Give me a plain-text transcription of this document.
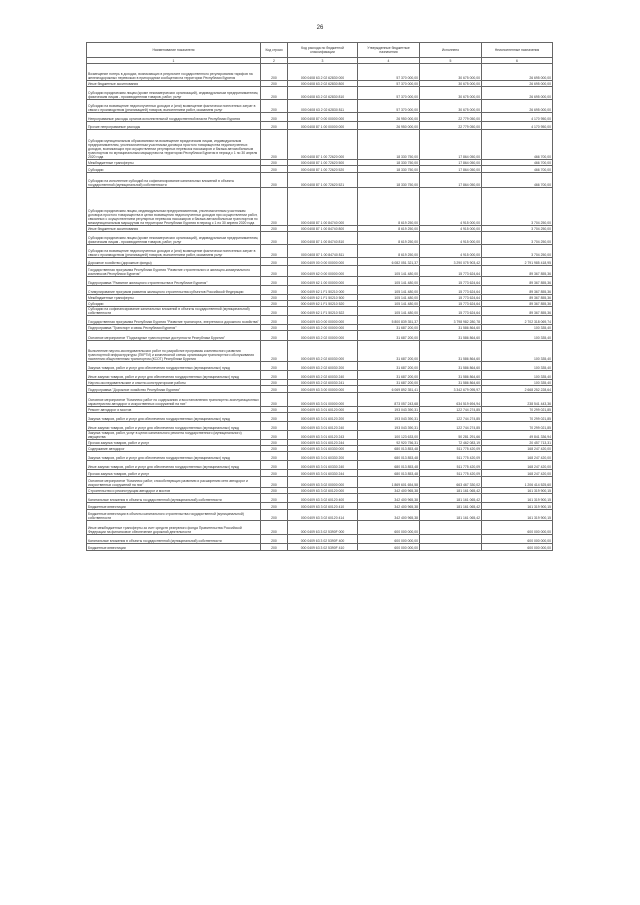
26
Наименование показателя	Код строки	Код расхода по бюджетной классификации	Утвержденные бюджетные назначения	Исполнено	Неисполненные назначения
1	2	3	4	5	6
Возмещение потерь в доходах, возникающих в результате государственного регулирования тарифов на железнодорожных перевозках в пригородном сообщении на территории Республики Бурятия	200	000 0408 63 2 02 62830 000	57 370 000,00	30 675 000,00	26 695 000,00
Иные бюджетные ассигнования	200	000 0408 63 2 02 62830 800	57 370 000,00	30 675 000,00	26 695 000,00
Субсидии юридическим лицам (кроме некоммерческих организаций), индивидуальным предпринимателям, физическим лицам - производителям товаров, работ, услуг	200	000 0408 63 2 02 62830 810	57 370 000,00	30 675 000,00	26 695 000,00
Субсидии на возмещение недополученных доходов и (или) возмещение фактически понесенных затрат в связи с производством (реализацией) товаров, выполнением работ, оказанием услуг	200	000 0408 63 2 02 62830 811	57 370 000,00	30 675 000,00	26 695 000,00
Непрограммные расходы органов исполнительной государственной власти Республики Бурятия	200	000 0408 87 0 00 00000 000	26 950 000,00	22 779 050,00	4 170 950,00
Прочие непрограммные расходы	200	000 0408 87 1 00 00000 000	26 950 000,00	22 779 050,00	4 170 950,00
Субсидии муниципальным образованиям на возмещение юридическим лицам, индивидуальным предпринимателям, уполномоченным участникам договора простого товарищества недополученных доходов, возникающих при осуществлении регулярных перевозок пассажиров и багажа автомобильным транспортом по муниципальным маршрутам на территории Республики Бурятия в период с 1 по 30 апреля 2020 года	200	000 0408 87 1 00 72620 000	18 330 750,00	17 864 050,00	466 700,00
Межбюджетные трансферты	200	000 0408 87 1 00 72620 500	18 330 750,00	17 864 050,00	466 700,00
Субсидии	200	000 0408 87 1 00 72620 520	18 330 750,00	17 864 050,00	466 700,00
Субсидии на исполнение субсидий на софинансирование капитальных вложений в объекты государственной (муниципальной) собственности	200	000 0408 87 1 00 72620 521	18 330 750,00	17 864 050,00	466 700,00
Субсидии юридическим лицам, индивидуальным предпринимателям, уполномоченным участникам договора простого товарищества в целях возмещения недополученных доходов при осуществлении работ, связанных с осуществлением регулярных перевозок пассажиров и багажа автомобильным транспортом по межмуниципальным маршрутам на территории Республики Бурятия в период с 1 по 30 апреля 2020 года	200	000 0408 87 1 00 84740 000	8 619 250,00	4 915 000,00	3 704 250,00
Иные бюджетные ассигнования	200	000 0408 87 1 00 84740 800	8 619 250,00	4 915 000,00	3 704 250,00
Субсидии юридическим лицам (кроме некоммерческих организаций), индивидуальным предпринимателям, физическим лицам - производителям товаров, работ, услуг	200	000 0408 87 1 00 84740 810	8 619 250,00	4 915 000,00	3 704 250,00
Субсидии на возмещение недополученных доходов и (или) возмещение фактически понесенных затрат в связи с производством (реализацией) товаров, выполнением работ, оказанием услуг	200	000 0408 87 1 00 84740 811	8 619 250,00	4 915 000,00	3 704 250,00
Дорожное хозяйство (дорожные фонды)	200	000 0409 00 0 00 00000 000	6 082 051 321,37	3 290 075 903,42	2 791 985 418,95
Государственная программа Республики Бурятия "Развитие строительного и жилищно-коммунального комплексов Республики Бурятия"	200	000 0409 62 0 00 00000 000	105 141 480,00	15 773 624,64	89 367 855,36
Подпрограмма "Развитие жилищного строительства в Республике Бурятия"	200	000 0409 62 1 00 00000 000	105 141 480,00	15 773 624,64	89 367 855,36
Стимулирование программ развития жилищного строительства субъектов Российской Федерации	200	000 0409 62 1 F1 50210 000	105 141 480,00	15 773 624,64	89 367 855,36
Межбюджетные трансферты	200	000 0409 62 1 F1 50210 500	105 141 480,00	15 773 624,64	89 367 855,36
Субсидии	200	000 0409 62 1 F1 50210 520	105 141 480,00	15 773 624,64	89 367 855,36
Субсидии на софинансирование капитальных вложений в объекты государственной (муниципальной) собственности	200	000 0409 62 1 F1 50210 522	105 141 480,00	15 773 624,64	89 367 855,36
Государственная программа Республики Бурятия "Развитие транспорта, энергетики и дорожного хозяйства"	200	000 0409 63 0 00 00000 000	5 800 839 351,37	3 798 982 280,78	2 702 318 069,74
Подпрограмма "Транспорт и связь Республики Бурятия"	200	000 0409 63 2 00 00000 000	31 687 200,00	31 586 864,60	100 335,40
Основное мероприятие "Подъездные транспортные доступности Республики Бурятия"	200	000 0409 63 2 02 00000 000	31 687 200,00	31 586 864,60	100 335,40
Выполнение научно-исследовательских работ по разработке программы комплексного развития транспортной инфраструктуры (ПКРТИ) и комплексной схемы организации транспортного обслуживания населения общественным транспортом (КСОТ) Республики Бурятия	200	000 0409 63 2 02 60030 000	31 687 200,00	31 586 864,60	100 335,40
Закупка товаров, работ и услуг для обеспечения государственных (муниципальных) нужд	200	000 0409 63 2 02 60030 200	31 687 200,00	31 586 864,60	100 335,40
Иные закупки товаров, работ и услуг для обеспечения государственных (муниципальных) нужд	200	000 0409 63 2 02 60030 240	31 687 200,00	31 586 864,60	100 335,40
Научно-исследовательские и опытно-конструкторские работы	200	000 0409 63 2 02 60030 241	31 687 200,00	31 586 864,60	100 335,40
Подпрограмма "Дорожное хозяйство Республики Бурятия"	200	000 0409 63 3 00 00000 000	6 069 892 351,41	3 342 679 095,97	2 668 252 228,64
Основное мероприятие "Комплекс работ по содержанию и восстановлению транспортно-эксплуатационных характеристик автодорог и искусственных сооружений на них"	200	000 0409 63 3 01 00000 000	873 057 243,68	634 519 694,94	238 541 443,36
Ремонт автодорог и мостов	200	000 0409 63 3 01 60120 000	193 043 390,31	122 744 274,85	70 299 021,85
Закупка товаров, работ и услуг для обеспечения государственных (муниципальных) нужд	200	000 0409 63 3 01 60120 200	193 043 390,31	122 744 274,85	70 299 021,85
Иные закупки товаров, работ и услуг для обеспечения государственных (муниципальных) нужд	200	000 0409 63 3 01 60120 240	193 043 390,31	122 744 274,85	70 299 021,85
Закупка товаров, работ, услуг в целях капитального ремонта государственного (муниципального) имущества	200	000 0409 63 3 01 60120 243	100 123 633,00	50 281 291,66	49 841 336,94
Прочая закупка товаров, работ и услуг	200	000 0409 63 3 01 60120 244	92 920 756,31	72 462 083,19	20 457 713,31
Содержание автодорог	200	000 0409 63 3 01 60330 000	680 013 853,48	511 775 420,09	168 247 420,00
Закупка товаров, работ и услуг для обеспечения государственных (муниципальных) нужд	200	000 0409 63 3 01 60330 200	680 013 853,48	511 775 420,09	168 247 420,00
Иные закупки товаров, работ и услуг для обеспечения государственных (муниципальных) нужд	200	000 0409 63 3 01 60330 240	680 013 853,48	511 775 420,09	168 247 420,00
Прочая закупка товаров, работ и услуг	200	000 0409 63 3 01 60330 244	680 013 853,48	511 775 420,09	168 247 420,00
Основное мероприятие "Комплекс работ, способствующих развитию и расширению сети автодорог и искусственных сооружений на них"	200	000 0409 63 3 02 00000 000	1 869 601 654,58	663 467 330,02	1 206 414 525,60
Строительство и реконструкция автодорог и мостов	200	000 0409 63 3 02 60120 000	342 400 965,38	181 161 065,42	161 319 900,15
Капитальные вложения в объекты государственной (муниципальной) собственности	200	000 0409 63 3 02 60120 400	342 400 965,38	181 161 065,42	161 319 900,15
Бюджетные инвестиции	200	000 0409 63 3 02 60120 410	342 400 965,38	181 161 065,42	161 319 900,15
Бюджетные инвестиции в объекты капитального строительства государственной (муниципальной) собственности	200	000 0409 63 3 02 60120 414	342 400 965,38	181 161 065,42	161 319 900,15
Иные межбюджетные трансферты за счет средств резервного фонда Правительства Российской Федерации на финансовое обеспечение дорожной деятельности	200	000 0409 63 3 02 5390F 000	600 000 000,00		600 000 000,00
Капитальные вложения в объекты государственной (муниципальной) собственности	200	000 0409 63 3 02 5390F 400	600 000 000,00		600 000 000,00
Бюджетные инвестиции	200	000 0409 63 3 02 5390F 410	600 000 000,00		600 000 000,00
